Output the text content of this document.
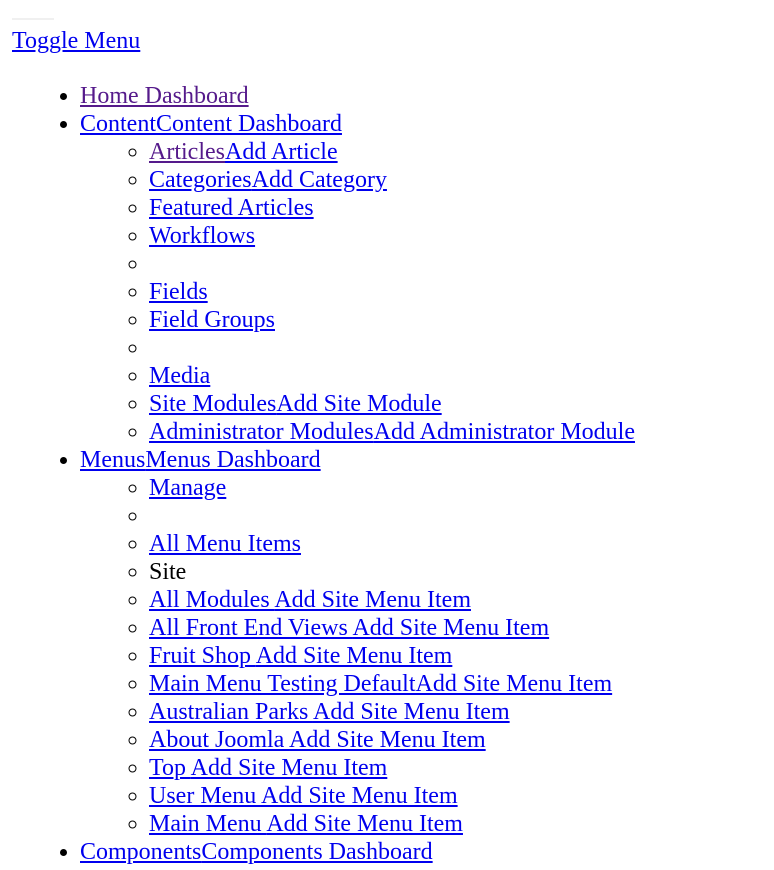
Toggle Menu
• Home Dashboard
• ContentContent Dashboard
◦ ArticlesAdd Article
◦ CategoriesAdd Category
◦ Featured Articles
◦ Workflows
◦
◦ Fields
◦ Field Groups
◦
◦ Media
◦ Site ModulesAdd Site Module
◦ Administrator ModulesAdd Administrator Module
• MenusMenus Dashboard
◦ Manage
◦
◦ All Menu Items
◦ Site
◦ All Modules Add Site Menu Item
◦ All Front End Views Add Site Menu Item
◦ Fruit Shop Add Site Menu Item
◦ Main Menu Testing DefaultAdd Site Menu Item
◦ Australian Parks Add Site Menu Item
◦ About Joomla Add Site Menu Item
◦ Top Add Site Menu Item
◦ User Menu Add Site Menu Item
◦ Main Menu Add Site Menu Item
• ComponentsComponents Dashboard
